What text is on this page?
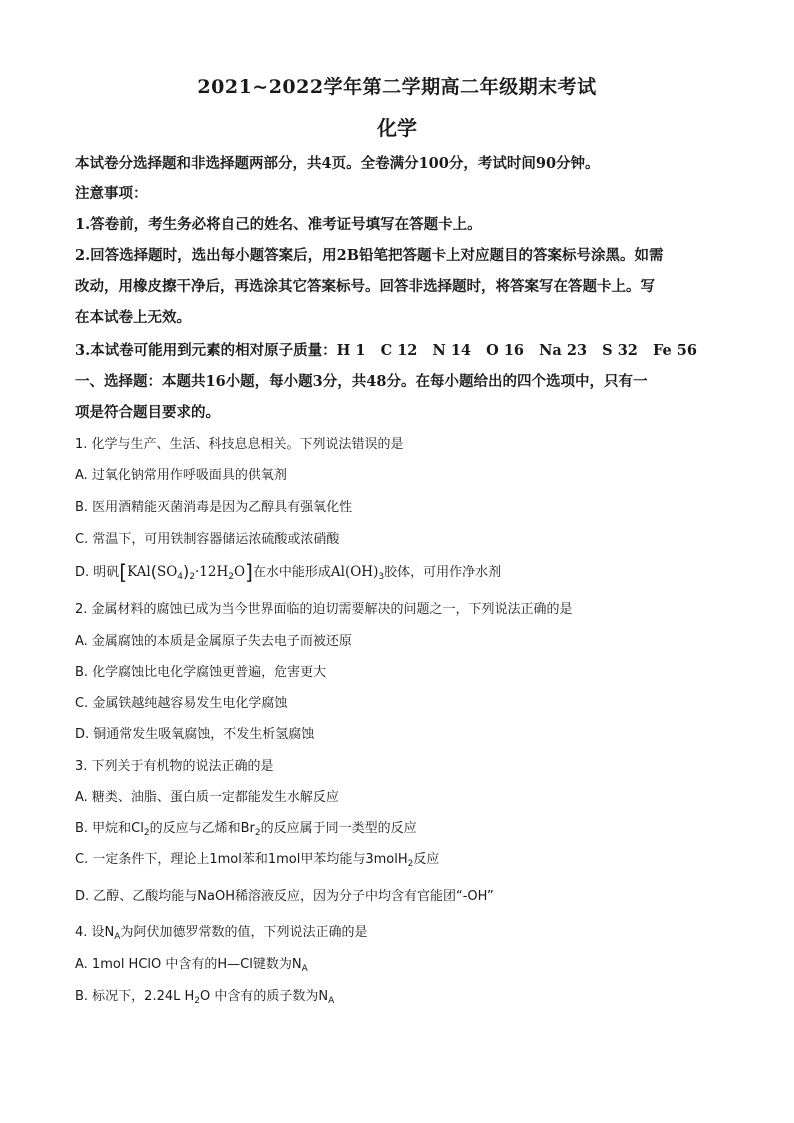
2021~2022学年第二学期高二年级期末考试
化学
本试卷分选择题和非选择题两部分，共4页。全卷满分100分，考试时间90分钟。
注意事项：
1.答卷前，考生务必将自己的姓名、准考证号填写在答题卡上。
2.回答选择题时，选出每小题答案后，用2B铅笔把答题卡上对应题目的答案标号涂黑。如需
改动，用橡皮擦干净后，再选涂其它答案标号。回答非选择题时，将答案写在答题卡上。写
在本试卷上无效。
3.本试卷可能用到元素的相对原子质量：H 1   C 12   N 14   O 16   Na 23   S 32   Fe 56
一、选择题：本题共16小题，每小题3分，共48分。在每小题给出的四个选项中，只有一
项是符合题目要求的。
1. 化学与生产、生活、科技息息相关。下列说法错误的是
A. 过氧化钠常用作呼吸面具的供氧剂
B. 医用酒精能灭菌消毒是因为乙醇具有强氧化性
C. 常温下，可用铁制容器储运浓硫酸或浓硝酸
D. 明矾$[KAl(SO_4)_2\cdot 12H_2O]$在水中能形成$Al(OH)_3$胶体，可用作净水剂
2. 金属材料的腐蚀已成为当今世界面临的迫切需要解决的问题之一，下列说法正确的是
A. 金属腐蚀的本质是金属原子失去电子而被还原
B. 化学腐蚀比电化学腐蚀更普遍，危害更大
C. 金属铁越纯越容易发生电化学腐蚀
D. 铜通常发生吸氧腐蚀，不发生析氢腐蚀
3. 下列关于有机物的说法正确的是
A. 糖类、油脂、蛋白质一定都能发生水解反应
B. 甲烷和$Cl_2$的反应与乙烯和$Br_2$的反应属于同一类型的反应
C. 一定条件下，理论上1mol苯和1mol甲苯均能与3molH$_2$反应
D. 乙醇、乙酸均能与NaOH稀溶液反应，因为分子中均含有官能团“-OH”
4. 设$N_A$为阿伏加德罗常数的值，下列说法正确的是
A. 1mol HClO 中含有的H—Cl键数为$N_A$
B. 标况下，2.24L $H_2O$ 中含有的质子数为$N_A$
